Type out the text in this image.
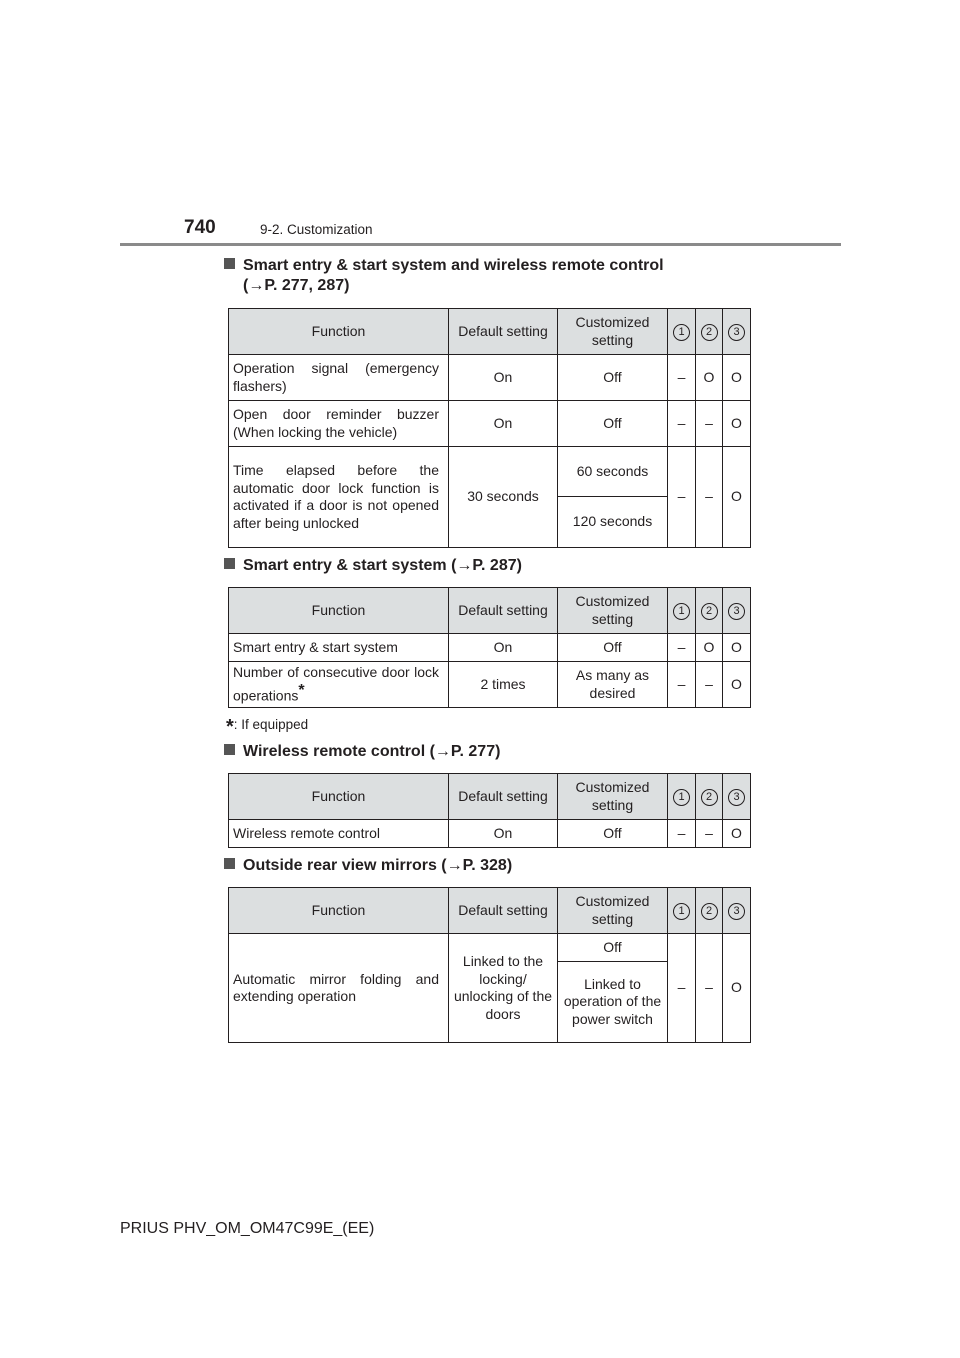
740	9-2. Customization
Smart entry & start system and wireless remote control
(→P. 277, 287)
Function	Default setting	Customized setting	1	2	3
Operation signal (emergency flashers)	On	Off	–	O	O
Open door reminder buzzer (When locking the vehicle)	On	Off	–	–	O
Time elapsed before the automatic door lock function is activated if a door is not opened after being unlocked	30 seconds	60 seconds	–	–	O
		120 seconds			
Smart entry & start system (→P. 287)
Function	Default setting	Customized setting	1	2	3
Smart entry & start system	On	Off	–	O	O
Number of consecutive door lock operations*	2 times	As many as desired	–	–	O
*: If equipped
Wireless remote control (→P. 277)
Function	Default setting	Customized setting	1	2	3
Wireless remote control	On	Off	–	–	O
Outside rear view mirrors (→P. 328)
Function	Default setting	Customized setting	1	2	3
Automatic mirror folding and extending operation	Linked to the locking/ unlocking of the doors	Off	–	–	O
		Linked to operation of the power switch			
PRIUS PHV_OM_OM47C99E_(EE)
